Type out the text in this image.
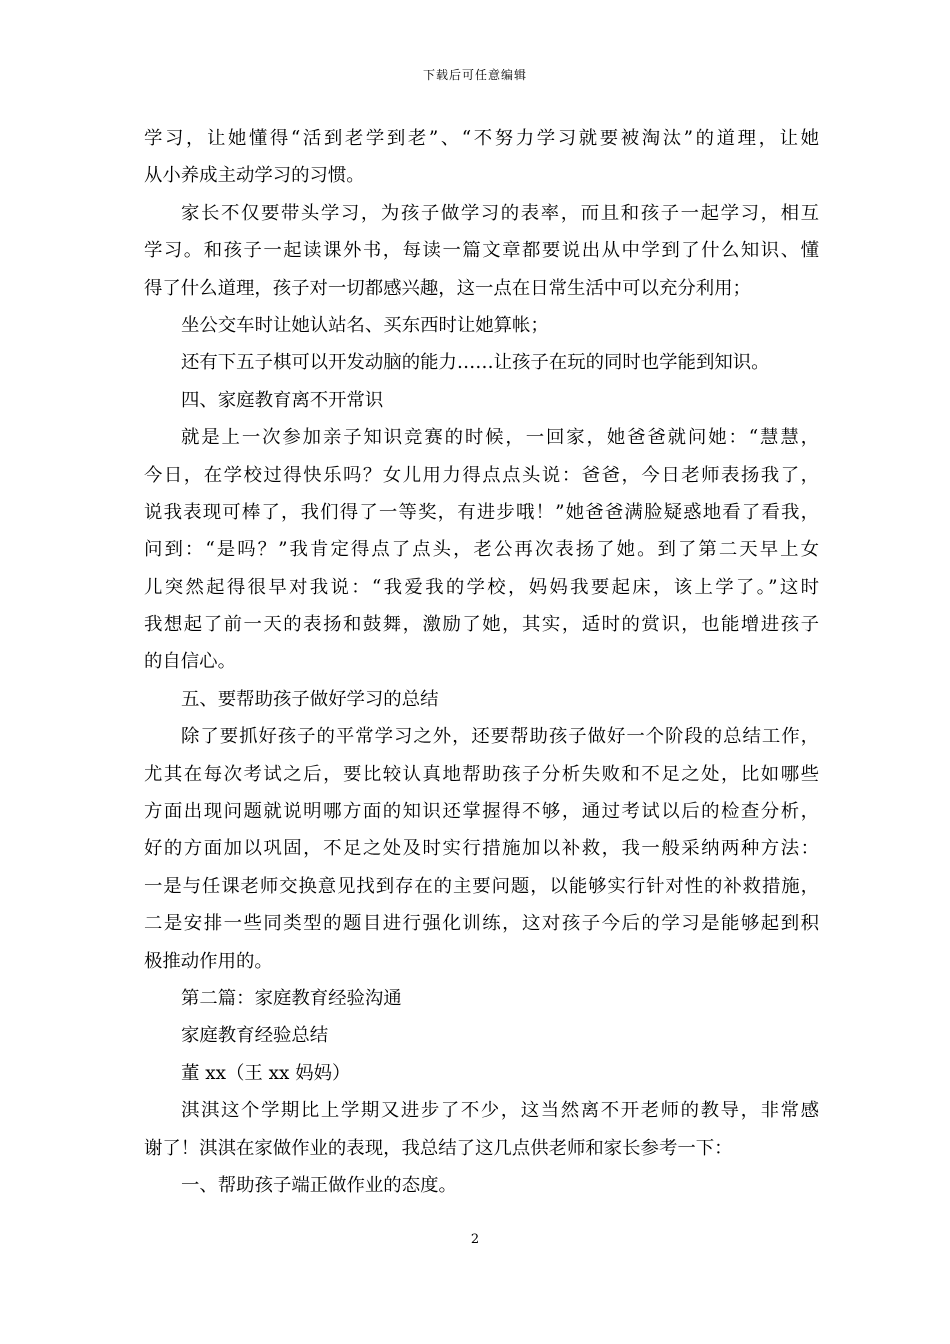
下载后可任意编辑
学习，让她懂得“活到老学到老”、“不努力学习就要被淘汰”的道理，让她
从小养成主动学习的习惯。
家长不仅要带头学习，为孩子做学习的表率，而且和孩子一起学习，相互
学习。和孩子一起读课外书，每读一篇文章都要说出从中学到了什么知识、懂
得了什么道理，孩子对一切都感兴趣，这一点在日常生活中可以充分利用；
坐公交车时让她认站名、买东西时让她算帐；
还有下五子棋可以开发动脑的能力……让孩子在玩的同时也学能到知识。
四、家庭教育离不开常识
就是上一次参加亲子知识竞赛的时候，一回家，她爸爸就问她：“慧慧，
今日，在学校过得快乐吗？女儿用力得点点头说：爸爸，今日老师表扬我了，
说我表现可棒了，我们得了一等奖，有进步哦！”她爸爸满脸疑惑地看了看我，
问到：“是吗？”我肯定得点了点头，老公再次表扬了她。到了第二天早上女
儿突然起得很早对我说：“我爱我的学校，妈妈我要起床，该上学了。”这时
我想起了前一天的表扬和鼓舞，激励了她，其实，适时的赏识，也能增进孩子
的自信心。
五、要帮助孩子做好学习的总结
除了要抓好孩子的平常学习之外，还要帮助孩子做好一个阶段的总结工作，
尤其在每次考试之后，要比较认真地帮助孩子分析失败和不足之处，比如哪些
方面出现问题就说明哪方面的知识还掌握得不够，通过考试以后的检查分析，
好的方面加以巩固，不足之处及时实行措施加以补救，我一般采纳两种方法：
一是与任课老师交换意见找到存在的主要问题，以能够实行针对性的补救措施，
二是安排一些同类型的题目进行强化训练，这对孩子今后的学习是能够起到积
极推动作用的。
第二篇：家庭教育经验沟通
家庭教育经验总结
董 xx（王 xx 妈妈）
淇淇这个学期比上学期又进步了不少，这当然离不开老师的教导，非常感
谢了！淇淇在家做作业的表现，我总结了这几点供老师和家长参考一下：
一、帮助孩子端正做作业的态度。
2
